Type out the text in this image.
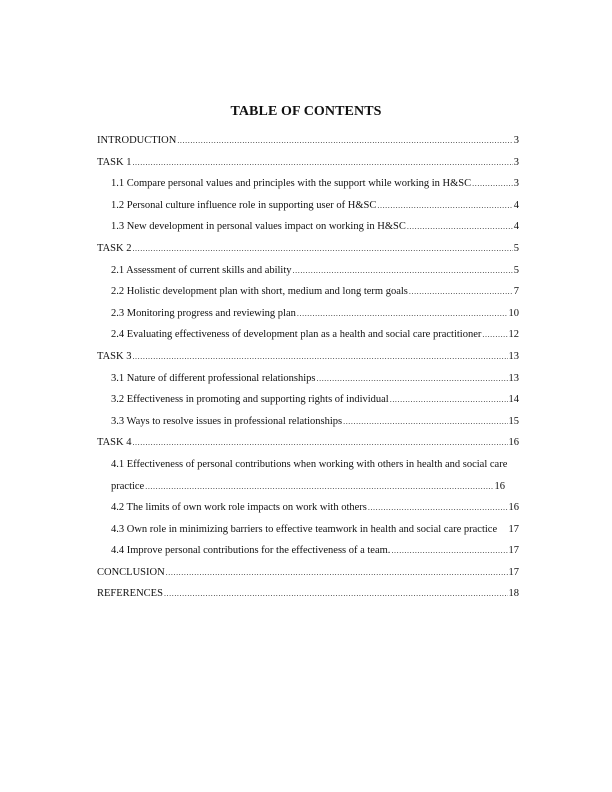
TABLE OF CONTENTS
INTRODUCTION .....	3
TASK 1 .....	3
1.1 Compare personal values and principles with the support while working in H&SC .....	3
1.2 Personal culture influence role in supporting user of H&SC .....	4
1.3 New development in personal values impact on working in H&SC .....	4
TASK 2 .....	5
2.1 Assessment of current skills and ability .....	5
2.2 Holistic development plan with short, medium and long term goals .....	7
2.3 Monitoring progress and reviewing plan .....	10
2.4 Evaluating effectiveness of development plan as a health and social care practitioner .....	12
TASK 3 .....	13
3.1 Nature of different professional relationships .....	13
3.2 Effectiveness in promoting and supporting rights of individual .....	14
3.3 Ways to resolve issues in professional relationships .....	15
TASK 4 .....	16
4.1 Effectiveness of personal contributions when working with others in health and social care
practice .....	16
4.2 The limits of own work role impacts on work with others .....	16
4.3 Own role in minimizing barriers to effective teamwork in health and social care practice 17
4.4 Improve personal contributions for the effectiveness of a team. .....	17
CONCLUSION .....	17
REFERENCES .....	18
